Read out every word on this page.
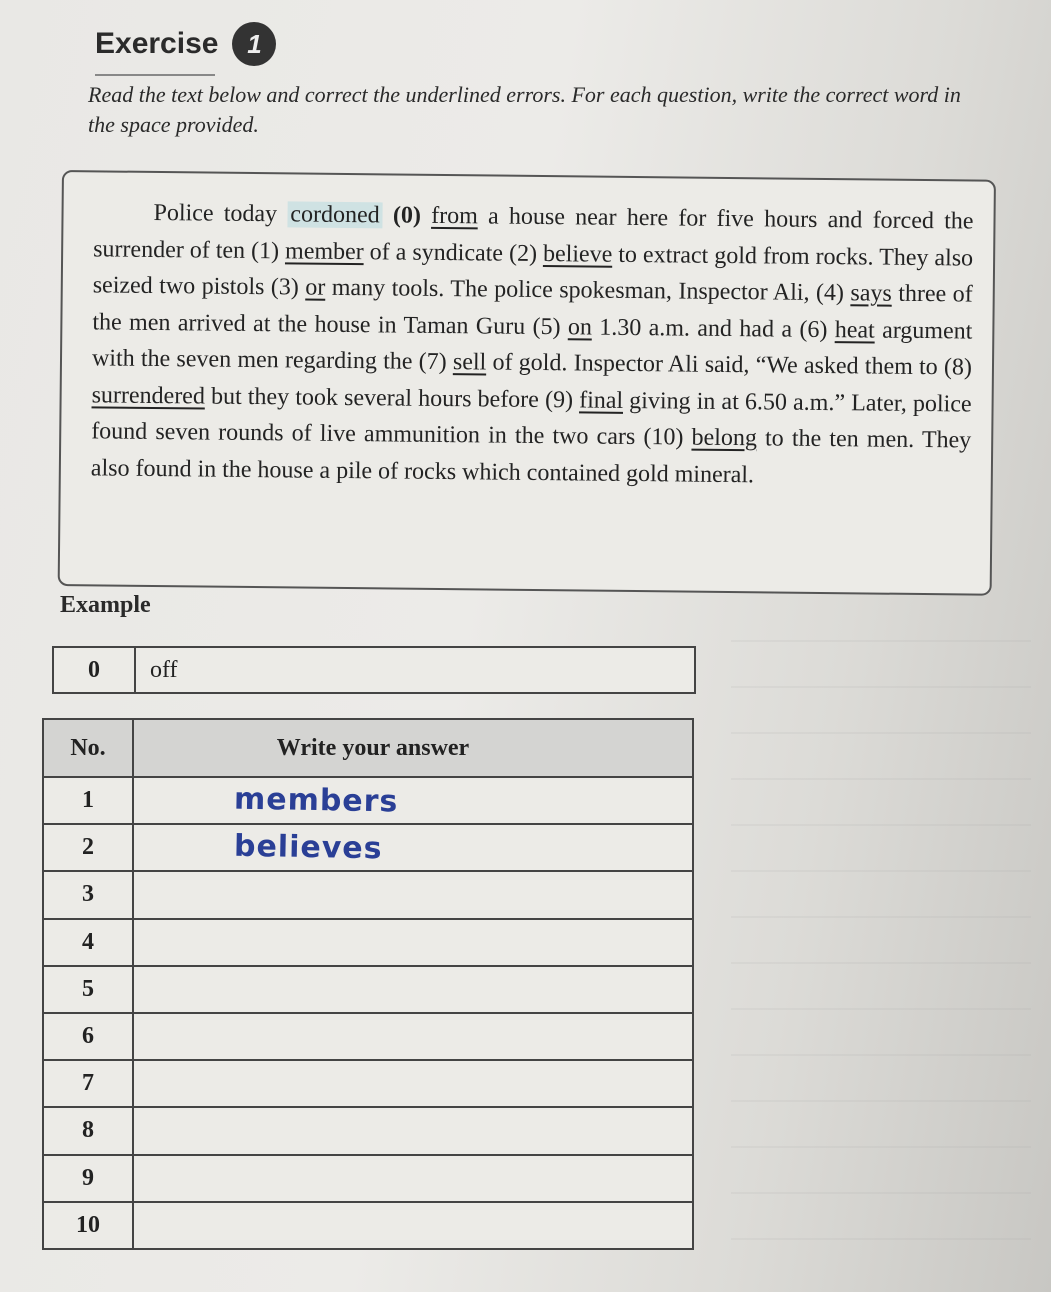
Exercise	1
Read the text below and correct the underlined errors. For each question, write the correct word in the space provided.

Police today cordoned (0) from a house near here for five hours and forced the surrender of ten (1) member of a syndicate (2) believe to extract gold from rocks. They also seized two pistols (3) or many tools. The police spokesman, Inspector Ali, (4) says three of the men arrived at the house in Taman Guru (5) on 1.30 a.m. and had a (6) heat argument with the seven men regarding the (7) sell of gold. Inspector Ali said, “We asked them to (8) surrendered but they took several hours before (9) final giving in at 6.50 a.m.” Later, police found seven rounds of live ammunition in the two cars (10) belong to the ten men. They also found in the house a pile of rocks which contained gold mineral.

Example
0	off
No.	Write your answer
1	members
2	believes
3
4
5
6
7
8
9
10
